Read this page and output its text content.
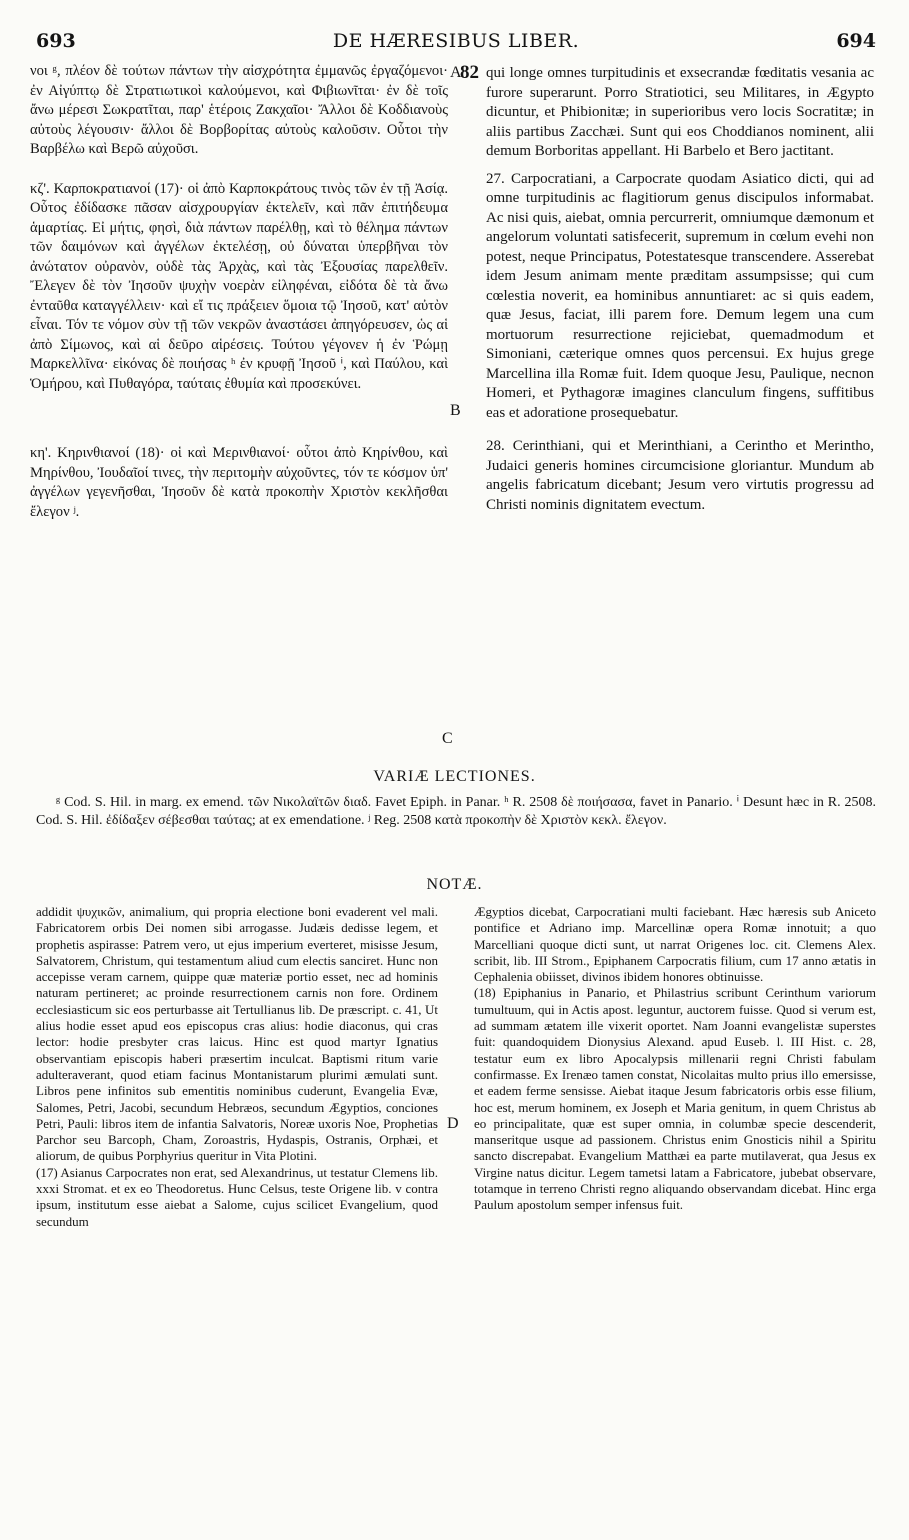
693	DE HÆRESIBUS LIBER.	694

νοι ᵍ, πλέον δὲ τούτων πάντων τὴν αἰσχρότητα ἐμμανῶς ἐργαζόμενοι· ἐν Αἰγύπτῳ δὲ Στρατιωτικοὶ καλούμενοι, καὶ Φιβιωνῖται· ἐν δὲ τοῖς ἄνω μέρεσι Σωκρατῖται, παρ' ἑτέροις Ζακχαῖοι· Ἄλλοι δὲ Κοδδιανοὺς αὐτοὺς λέγουσιν· ἄλλοι δὲ Βορβορίτας αὐτοὺς καλοῦσιν. Οὗτοι τὴν Βαρβέλω καὶ Βερῶ αὐχοῦσι.

κζ'. Καρποκρατιανοί (17)· οἱ ἀπὸ Καρποκράτους τινὸς τῶν ἐν τῇ Ἀσίᾳ. Οὗτος ἐδίδασκε πᾶσαν αἰσχρουργίαν ἐκτελεῖν, καὶ πᾶν ἐπιτήδευμα ἁμαρτίας. Εἰ μήτις, φησὶ, διὰ πάντων παρέλθῃ, καὶ τὸ θέλημα πάντων τῶν δαιμόνων καὶ ἀγγέλων ἐκτελέσῃ, οὐ δύναται ὑπερβῆναι τὸν ἀνώτατον οὐρανὸν, οὐδὲ τὰς Ἀρχὰς, καὶ τὰς Ἐξουσίας παρελθεῖν. Ἔλεγεν δὲ τὸν Ἰησοῦν ψυχὴν νοερὰν εἰληφέναι, εἰδότα δὲ τὰ ἄνω ἐνταῦθα καταγγέλλειν· καὶ εἴ τις πράξειεν ὅμοια τῷ Ἰησοῦ, κατ' αὐτὸν εἶναι. Τόν τε νόμον σὺν τῇ τῶν νεκρῶν ἀναστάσει ἀπηγόρευσεν, ὡς αἱ ἀπὸ Σίμωνος, καὶ αἱ δεῦρο αἱρέσεις. Τούτου γέγονεν ἡ ἐν Ῥώμῃ Μαρκελλῖνα· εἰκόνας δὲ ποιήσας ʰ ἐν κρυφῇ Ἰησοῦ ⁱ, καὶ Παύλου, καὶ Ὁμήρου, καὶ Πυθαγόρα, ταύταις ἐθυμία καὶ προσεκύνει.

κη'. Κηρινθιανοί (18)· οἱ καὶ Μερινθιανοί· οὗτοι ἀπὸ Κηρίνθου, καὶ Μηρίνθου, Ἰουδαῖοί τινες, τὴν περιτομὴν αὐχοῦντες, τόν τε κόσμον ὑπ' ἀγγέλων γεγενῆσθαι, Ἰησοῦν δὲ κατὰ προκοπὴν Χριστὸν κεκλῆσθαι ἔλεγον ʲ.

A
82
B
C
D

qui longe omnes turpitudinis et exsecrandæ fœditatis vesania ac furore superarunt. Porro Stratiotici, seu Militares, in Ægypto dicuntur, et Phibionitæ; in superioribus vero locis Socratitæ; in aliis partibus Zacchæi. Sunt qui eos Choddianos nominent, alii demum Borboritas appellant. Hi Barbelo et Bero jactitant.

27. Carpocratiani, a Carpocrate quodam Asiatico dicti, qui ad omne turpitudinis ac flagitiorum genus discipulos informabat. Ac nisi quis, aiebat, omnia percurrerit, omniumque dæmonum et angelorum voluntati satisfecerit, supremum in cœlum evehi non potest, neque Principatus, Potestatesque transcendere. Asserebat idem Jesum animam mente præditam assumpsisse; qui cum cœlestia noverit, ea hominibus annuntiaret: ac si quis eadem, quæ Jesus, faciat, illi parem fore. Demum legem una cum mortuorum resurrectione rejiciebat, quemadmodum et Simoniani, cæterique omnes quos percensui. Ex hujus grege Marcellina illa Romæ fuit. Idem quoque Jesu, Paulique, necnon Homeri, et Pythagoræ imagines clanculum fingens, suffitibus eas et adoratione prosequebatur.

28. Cerinthiani, qui et Merinthiani, a Cerintho et Merintho, Judaici generis homines circumcisione gloriantur. Mundum ab angelis fabricatum dicebant; Jesum vero virtutis progressu ad Christi nominis dignitatem evectum.

VARIÆ LECTIONES.

ᵍ Cod. S. Hil. in marg. ex emend. τῶν Νικολαϊτῶν διαδ. Favet Epiph. in Panar. ʰ R. 2508 δὲ ποιήσασα, favet in Panario. ⁱ Desunt hæc in R. 2508. Cod. S. Hil. ἐδίδαξεν σέβεσθαι ταύτας; at ex emendatione. ʲ Reg. 2508 κατὰ προκοπὴν δὲ Χριστὸν κεκλ. ἔλεγον.

NOTÆ.

addidit ψυχικῶν, animalium, qui propria electione boni evaderent vel mali. Fabricatorem orbis Dei nomen sibi arrogasse. Judæis dedisse legem, et prophetis aspirasse: Patrem vero, ut ejus imperium everteret, misisse Jesum, Salvatorem, Christum, qui testamentum aliud cum electis sanciret. Hunc non accepisse veram carnem, quippe quæ materiæ portio esset, nec ad hominis naturam pertineret; ac proinde resurrectionem carnis non fore. Ordinem ecclesiasticum sic eos perturbasse ait Tertullianus lib. De præscript. c. 41, Ut alius hodie esset apud eos episcopus cras alius: hodie diaconus, qui cras lector: hodie presbyter cras laicus. Hinc est quod martyr Ignatius observantiam episcopis haberi præsertim inculcat. Baptismi ritum varie adulteraverant, quod etiam facinus Montanistarum plurimi æmulati sunt. Libros pene infinitos sub ementitis nominibus cuderunt, Evangelia Evæ, Salomes, Petri, Jacobi, secundum Hebræos, secundum Ægyptios, conciones Petri, Pauli: libros item de infantia Salvatoris, Noreæ uxoris Noe, Prophetias Parchor seu Barcoph, Cham, Zoroastris, Hydaspis, Ostranis, Orphæi, et aliorum, de quibus Porphyrius queritur in Vita Plotini.

(17) Asianus Carpocrates non erat, sed Alexandrinus, ut testatur Clemens lib. xxxi Stromat. et ex eo Theodoretus. Hunc Celsus, teste Origene lib. v contra ipsum, institutum esse aiebat a Salome, cujus scilicet Evangelium, quod secundum

Ægyptios dicebat, Carpocratiani multi faciebant. Hæc hæresis sub Aniceto pontifice et Adriano imp. Marcellinæ opera Romæ innotuit; a quo Marcelliani quoque dicti sunt, ut narrat Origenes loc. cit. Clemens Alex. scribit, lib. III Strom., Epiphanem Carpocratis filium, cum 17 anno ætatis in Cephalenia obiisset, divinos ibidem honores obtinuisse.

(18) Epiphanius in Panario, et Philastrius scribunt Cerinthum variorum tumultuum, qui in Actis apost. leguntur, auctorem fuisse. Quod si verum est, ad summam ætatem ille vixerit oportet. Nam Joanni evangelistæ superstes fuit: quandoquidem Dionysius Alexand. apud Euseb. l. III Hist. c. 28, testatur eum ex libro Apocalypsis millenarii regni Christi fabulam confirmasse. Ex Irenæo tamen constat, Nicolaitas multo prius illo emersisse, et eadem ferme sensisse. Aiebat itaque Jesum fabricatoris orbis esse filium, hoc est, merum hominem, ex Joseph et Maria genitum, in quem Christus ab eo principalitate, quæ est super omnia, in columbæ specie descenderit, manseritque usque ad passionem. Christus enim Gnosticis nihil a Spiritu sancto discrepabat. Evangelium Matthæi ea parte mutilaverat, qua Jesus ex Virgine natus dicitur. Legem tametsi latam a Fabricatore, jubebat observare, totamque in terreno Christi regno aliquando observandam dicebat. Hinc erga Paulum apostolum semper infensus fuit.
